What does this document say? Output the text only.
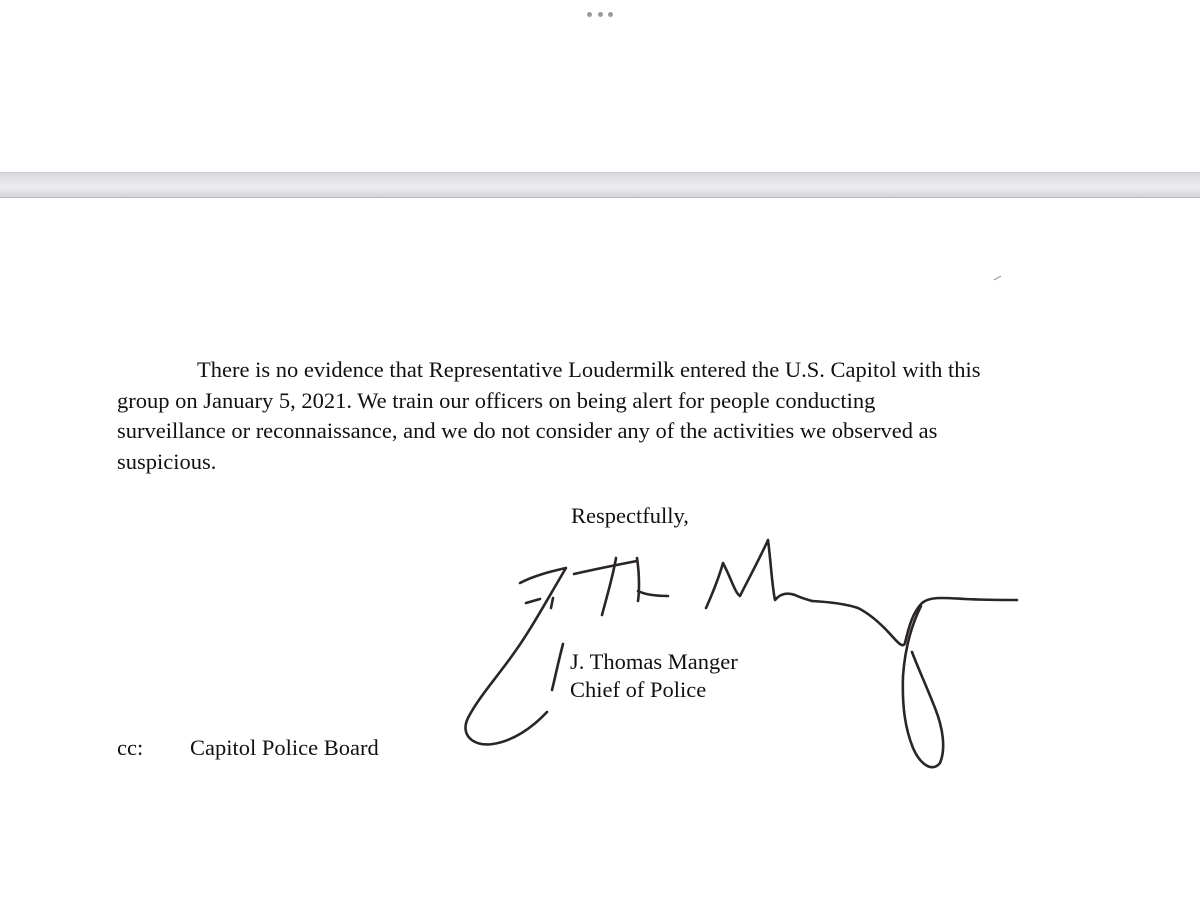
There is no evidence that Representative Loudermilk entered the U.S. Capitol with this
group on January 5, 2021. We train our officers on being alert for people conducting
surveillance or reconnaissance, and we do not consider any of the activities we observed as
suspicious.

Respectfully,

J. Thomas Manger

Chief of Police

cc: Capitol Police Board
